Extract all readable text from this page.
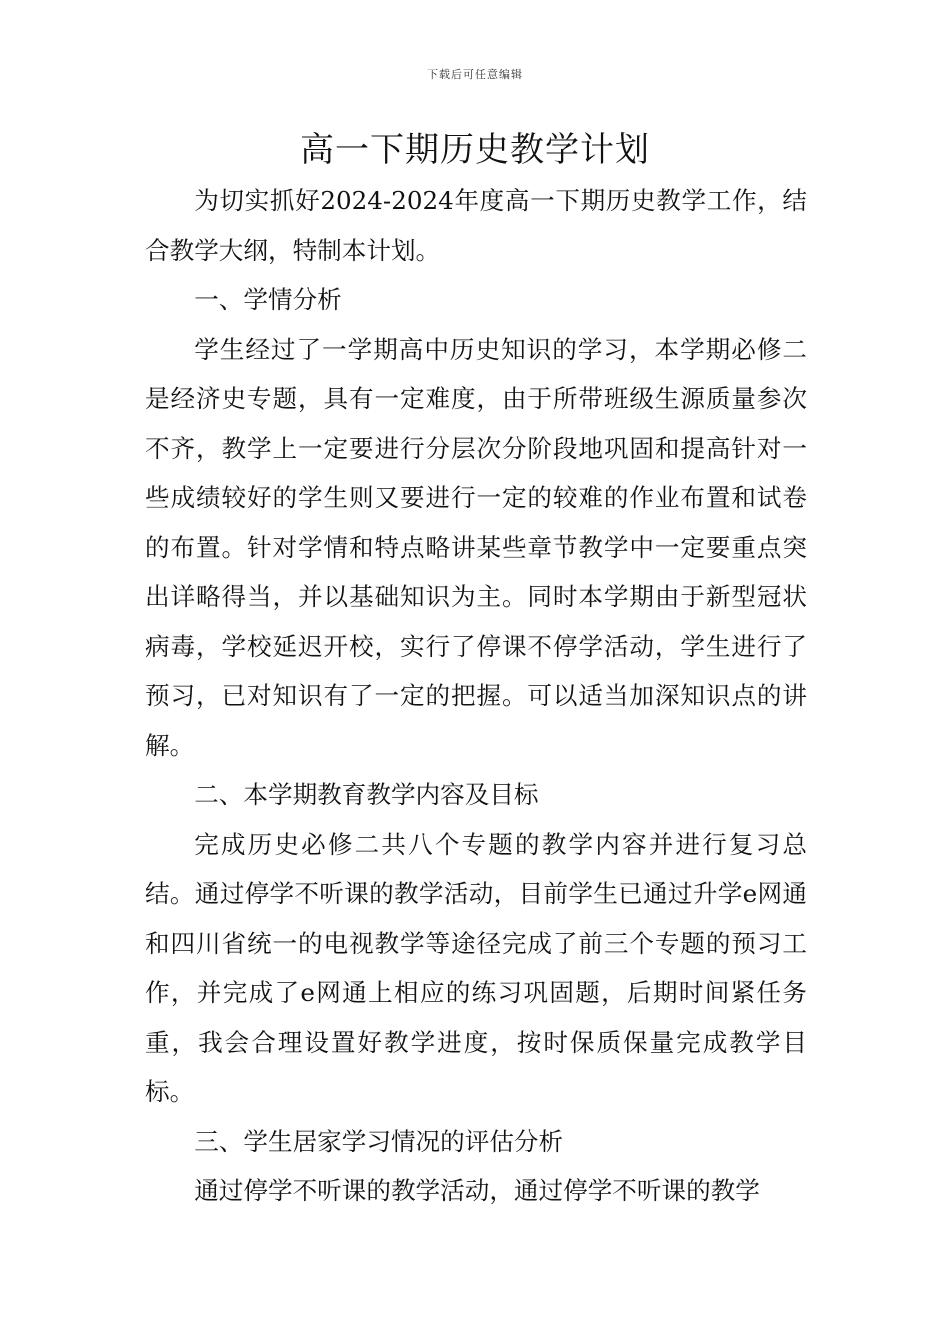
下载后可任意编辑
高一下期历史教学计划

为切实抓好2024-2024年度高一下期历史教学工作，结合教学大纲，特制本计划。

一、学情分析

学生经过了一学期高中历史知识的学习，本学期必修二是经济史专题，具有一定难度，由于所带班级生源质量参次不齐，教学上一定要进行分层次分阶段地巩固和提高针对一些成绩较好的学生则又要进行一定的较难的作业布置和试卷的布置。针对学情和特点略讲某些章节教学中一定要重点突出详略得当，并以基础知识为主。同时本学期由于新型冠状病毒，学校延迟开校，实行了停课不停学活动，学生进行了预习，已对知识有了一定的把握。可以适当加深知识点的讲解。

二、本学期教育教学内容及目标

完成历史必修二共八个专题的教学内容并进行复习总结。通过停学不听课的教学活动，目前学生已通过升学e网通和四川省统一的电视教学等途径完成了前三个专题的预习工作，并完成了e网通上相应的练习巩固题，后期时间紧任务重，我会合理设置好教学进度，按时保质保量完成教学目标。

三、学生居家学习情况的评估分析

通过停学不听课的教学活动，通过停学不听课的教学
